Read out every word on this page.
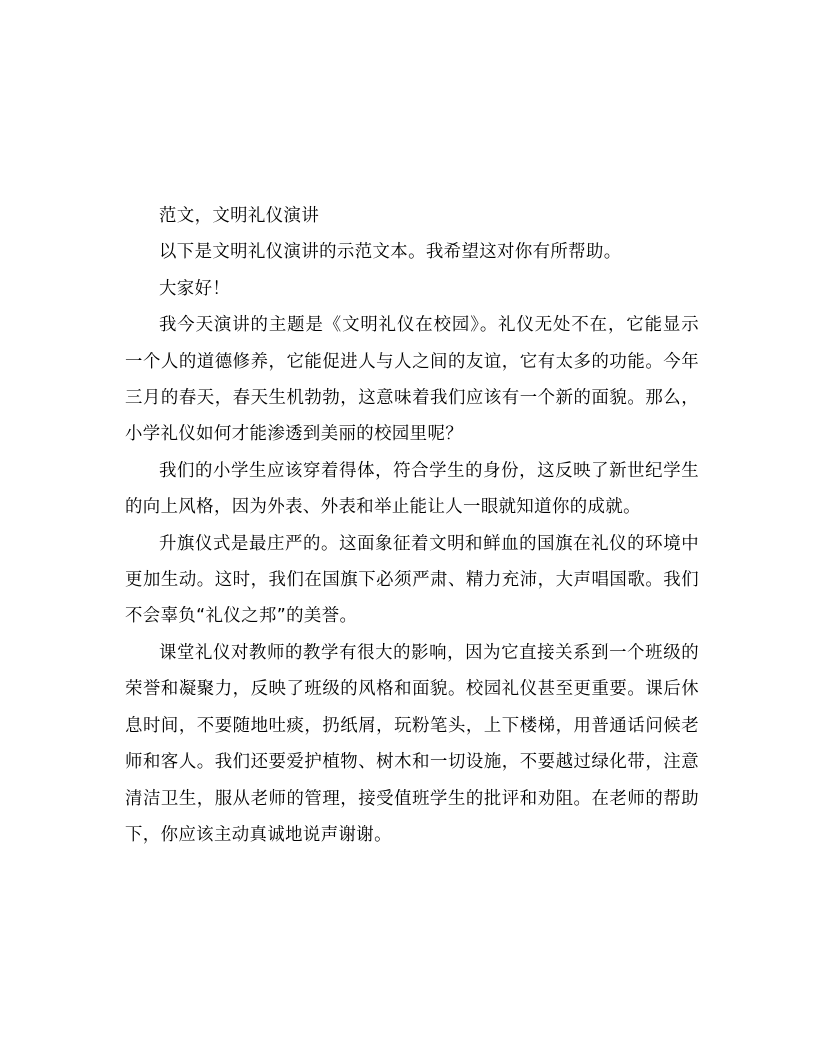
范文，文明礼仪演讲

以下是文明礼仪演讲的示范文本。我希望这对你有所帮助。

大家好！

我今天演讲的主题是《文明礼仪在校园》。礼仪无处不在，它能显示一个人的道德修养，它能促进人与人之间的友谊，它有太多的功能。今年三月的春天，春天生机勃勃，这意味着我们应该有一个新的面貌。那么，小学礼仪如何才能渗透到美丽的校园里呢？

我们的小学生应该穿着得体，符合学生的身份，这反映了新世纪学生的向上风格，因为外表、外表和举止能让人一眼就知道你的成就。

升旗仪式是最庄严的。这面象征着文明和鲜血的国旗在礼仪的环境中更加生动。这时，我们在国旗下必须严肃、精力充沛，大声唱国歌。我们不会辜负“礼仪之邦”的美誉。

课堂礼仪对教师的教学有很大的影响，因为它直接关系到一个班级的荣誉和凝聚力，反映了班级的风格和面貌。校园礼仪甚至更重要。课后休息时间，不要随地吐痰，扔纸屑，玩粉笔头，上下楼梯，用普通话问候老师和客人。我们还要爱护植物、树木和一切设施，不要越过绿化带，注意清洁卫生，服从老师的管理，接受值班学生的批评和劝阻。在老师的帮助下，你应该主动真诚地说声谢谢。
